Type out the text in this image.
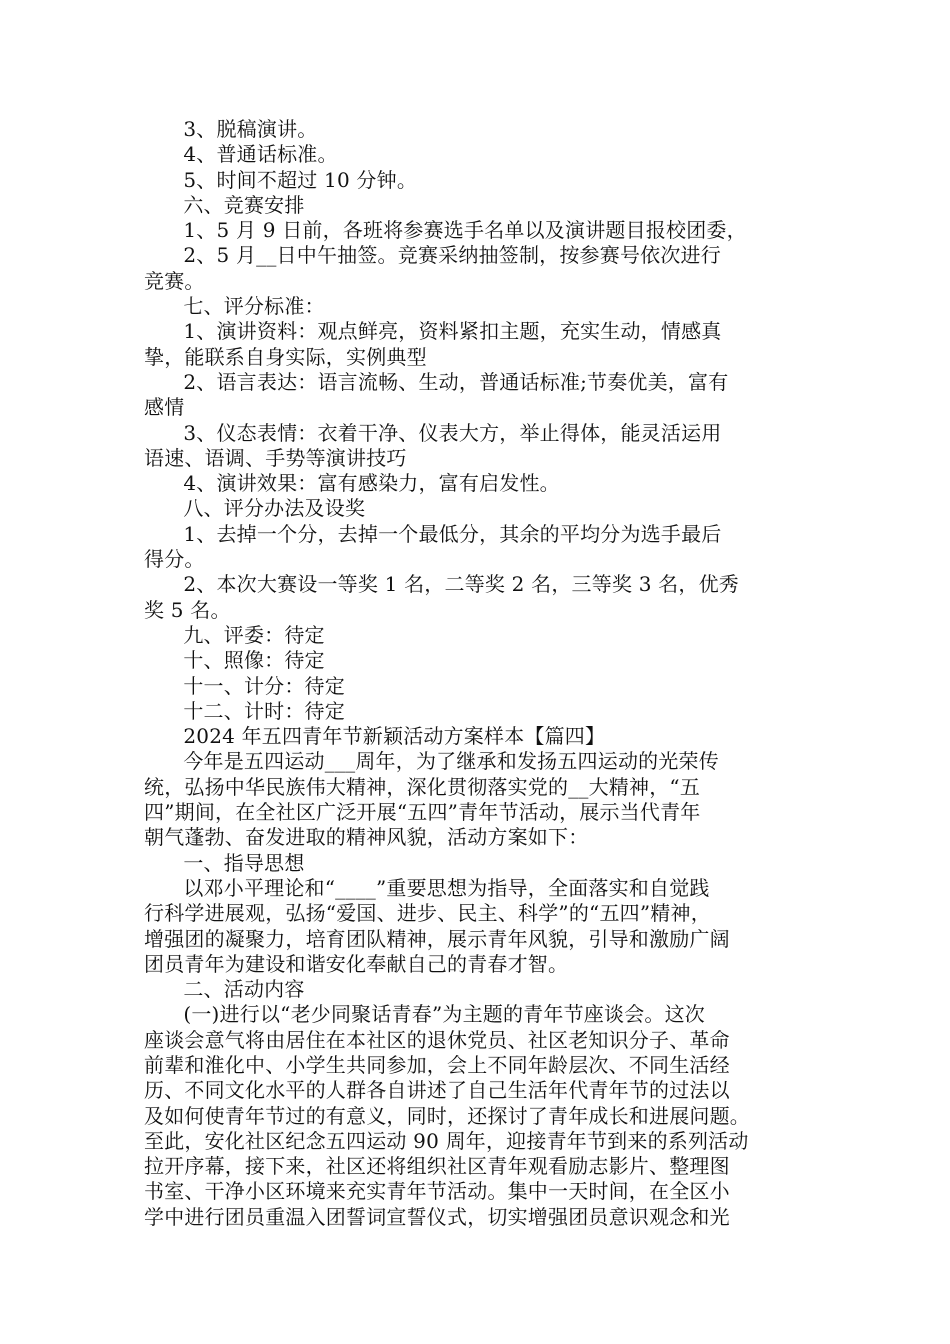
3、脱稿演讲。
4、普通话标准。
5、时间不超过 10 分钟。
六、竞赛安排
1、5 月 9 日前，各班将参赛选手名单以及演讲题目报校团委，
2、5 月__日中午抽签。竞赛采纳抽签制，按参赛号依次进行
竞赛。
七、评分标准：
1、演讲资料：观点鲜亮，资料紧扣主题，充实生动，情感真
挚，能联系自身实际，实例典型
2、语言表达：语言流畅、生动，普通话标准;节奏优美，富有
感情
3、仪态表情：衣着干净、仪表大方，举止得体，能灵活运用
语速、语调、手势等演讲技巧
4、演讲效果：富有感染力，富有启发性。
八、评分办法及设奖
1、去掉一个分，去掉一个最低分，其余的平均分为选手最后
得分。
2、本次大赛设一等奖 1 名，二等奖 2 名，三等奖 3 名，优秀
奖 5 名。
九、评委：待定
十、照像：待定
十一、计分：待定
十二、计时：待定
2024 年五四青年节新颖活动方案样本【篇四】
今年是五四运动___周年，为了继承和发扬五四运动的光荣传
统，弘扬中华民族伟大精神，深化贯彻落实党的__大精神，“五
四”期间，在全社区广泛开展“五四”青年节活动，展示当代青年
朝气蓬勃、奋发进取的精神风貌，活动方案如下：
一、指导思想
以邓小平理论和“____”重要思想为指导，全面落实和自觉践
行科学进展观，弘扬“爱国、进步、民主、科学”的“五四”精神，
增强团的凝聚力，培育团队精神，展示青年风貌，引导和激励广阔
团员青年为建设和谐安化奉献自己的青春才智。
二、活动内容
(一)进行以“老少同聚话青春”为主题的青年节座谈会。这次
座谈会意气将由居住在本社区的退休党员、社区老知识分子、革命
前辈和淮化中、小学生共同参加，会上不同年龄层次、不同生活经
历、不同文化水平的人群各自讲述了自己生活年代青年节的过法以
及如何使青年节过的有意义，同时，还探讨了青年成长和进展问题。
至此，安化社区纪念五四运动 90 周年，迎接青年节到来的系列活动
拉开序幕，接下来，社区还将组织社区青年观看励志影片、整理图
书室、干净小区环境来充实青年节活动。集中一天时间，在全区小
学中进行团员重温入团誓词宣誓仪式，切实增强团员意识观念和光
